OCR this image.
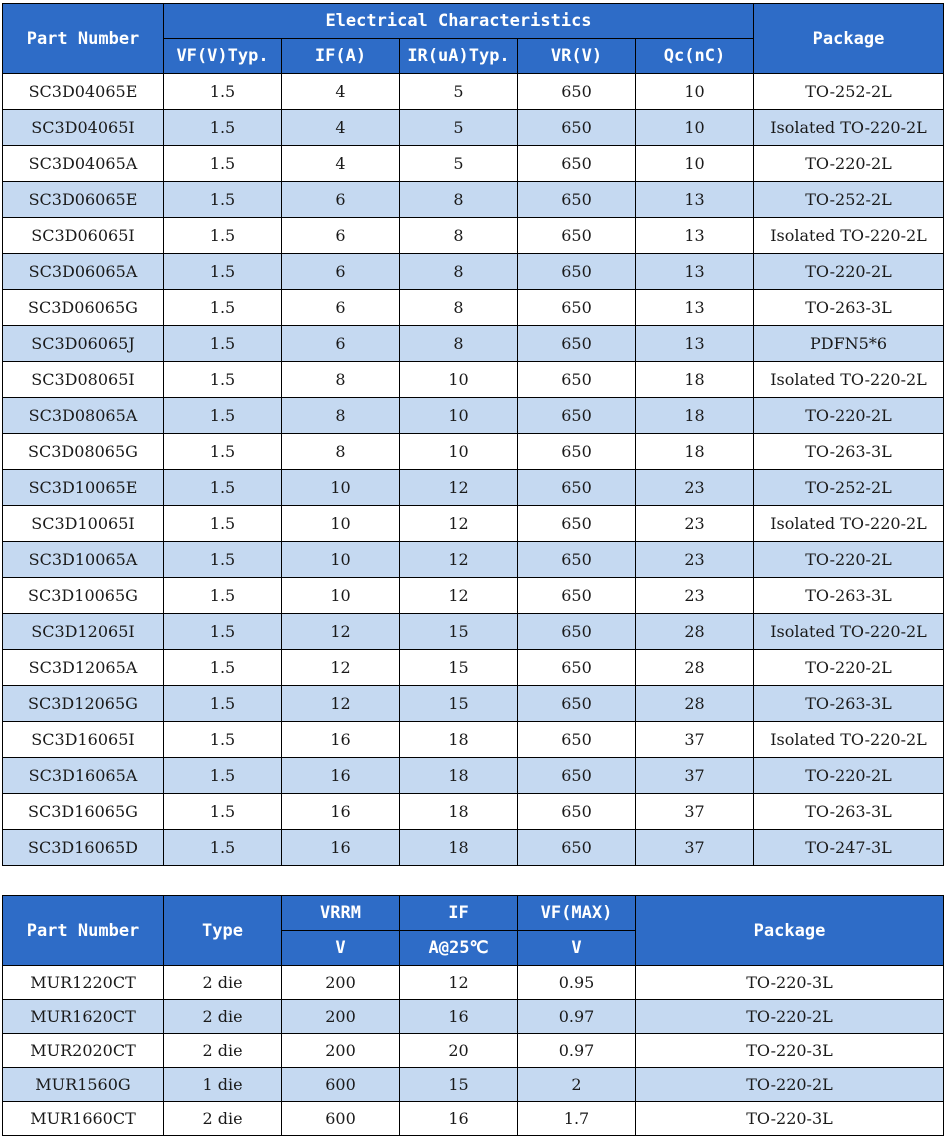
Part Number	Electrical Characteristics					Package
	VF(V)Typ.	IF(A)	IR(uA)Typ.	VR(V)	Qc(nC)	
SC3D04065E	1.5	4	5	650	10	TO-252-2L
SC3D04065I	1.5	4	5	650	10	Isolated TO-220-2L
SC3D04065A	1.5	4	5	650	10	TO-220-2L
SC3D06065E	1.5	6	8	650	13	TO-252-2L
SC3D06065I	1.5	6	8	650	13	Isolated TO-220-2L
SC3D06065A	1.5	6	8	650	13	TO-220-2L
SC3D06065G	1.5	6	8	650	13	TO-263-3L
SC3D06065J	1.5	6	8	650	13	PDFN5*6
SC3D08065I	1.5	8	10	650	18	Isolated TO-220-2L
SC3D08065A	1.5	8	10	650	18	TO-220-2L
SC3D08065G	1.5	8	10	650	18	TO-263-3L
SC3D10065E	1.5	10	12	650	23	TO-252-2L
SC3D10065I	1.5	10	12	650	23	Isolated TO-220-2L
SC3D10065A	1.5	10	12	650	23	TO-220-2L
SC3D10065G	1.5	10	12	650	23	TO-263-3L
SC3D12065I	1.5	12	15	650	28	Isolated TO-220-2L
SC3D12065A	1.5	12	15	650	28	TO-220-2L
SC3D12065G	1.5	12	15	650	28	TO-263-3L
SC3D16065I	1.5	16	18	650	37	Isolated TO-220-2L
SC3D16065A	1.5	16	18	650	37	TO-220-2L
SC3D16065G	1.5	16	18	650	37	TO-263-3L
SC3D16065D	1.5	16	18	650	37	TO-247-3L
Part Number	Type	VRRM	IF	VF(MAX)	Package
		V	A@25℃	V	
MUR1220CT	2 die	200	12	0.95	TO-220-3L
MUR1620CT	2 die	200	16	0.97	TO-220-2L
MUR2020CT	2 die	200	20	0.97	TO-220-3L
MUR1560G	1 die	600	15	2	TO-220-2L
MUR1660CT	2 die	600	16	1.7	TO-220-3L
